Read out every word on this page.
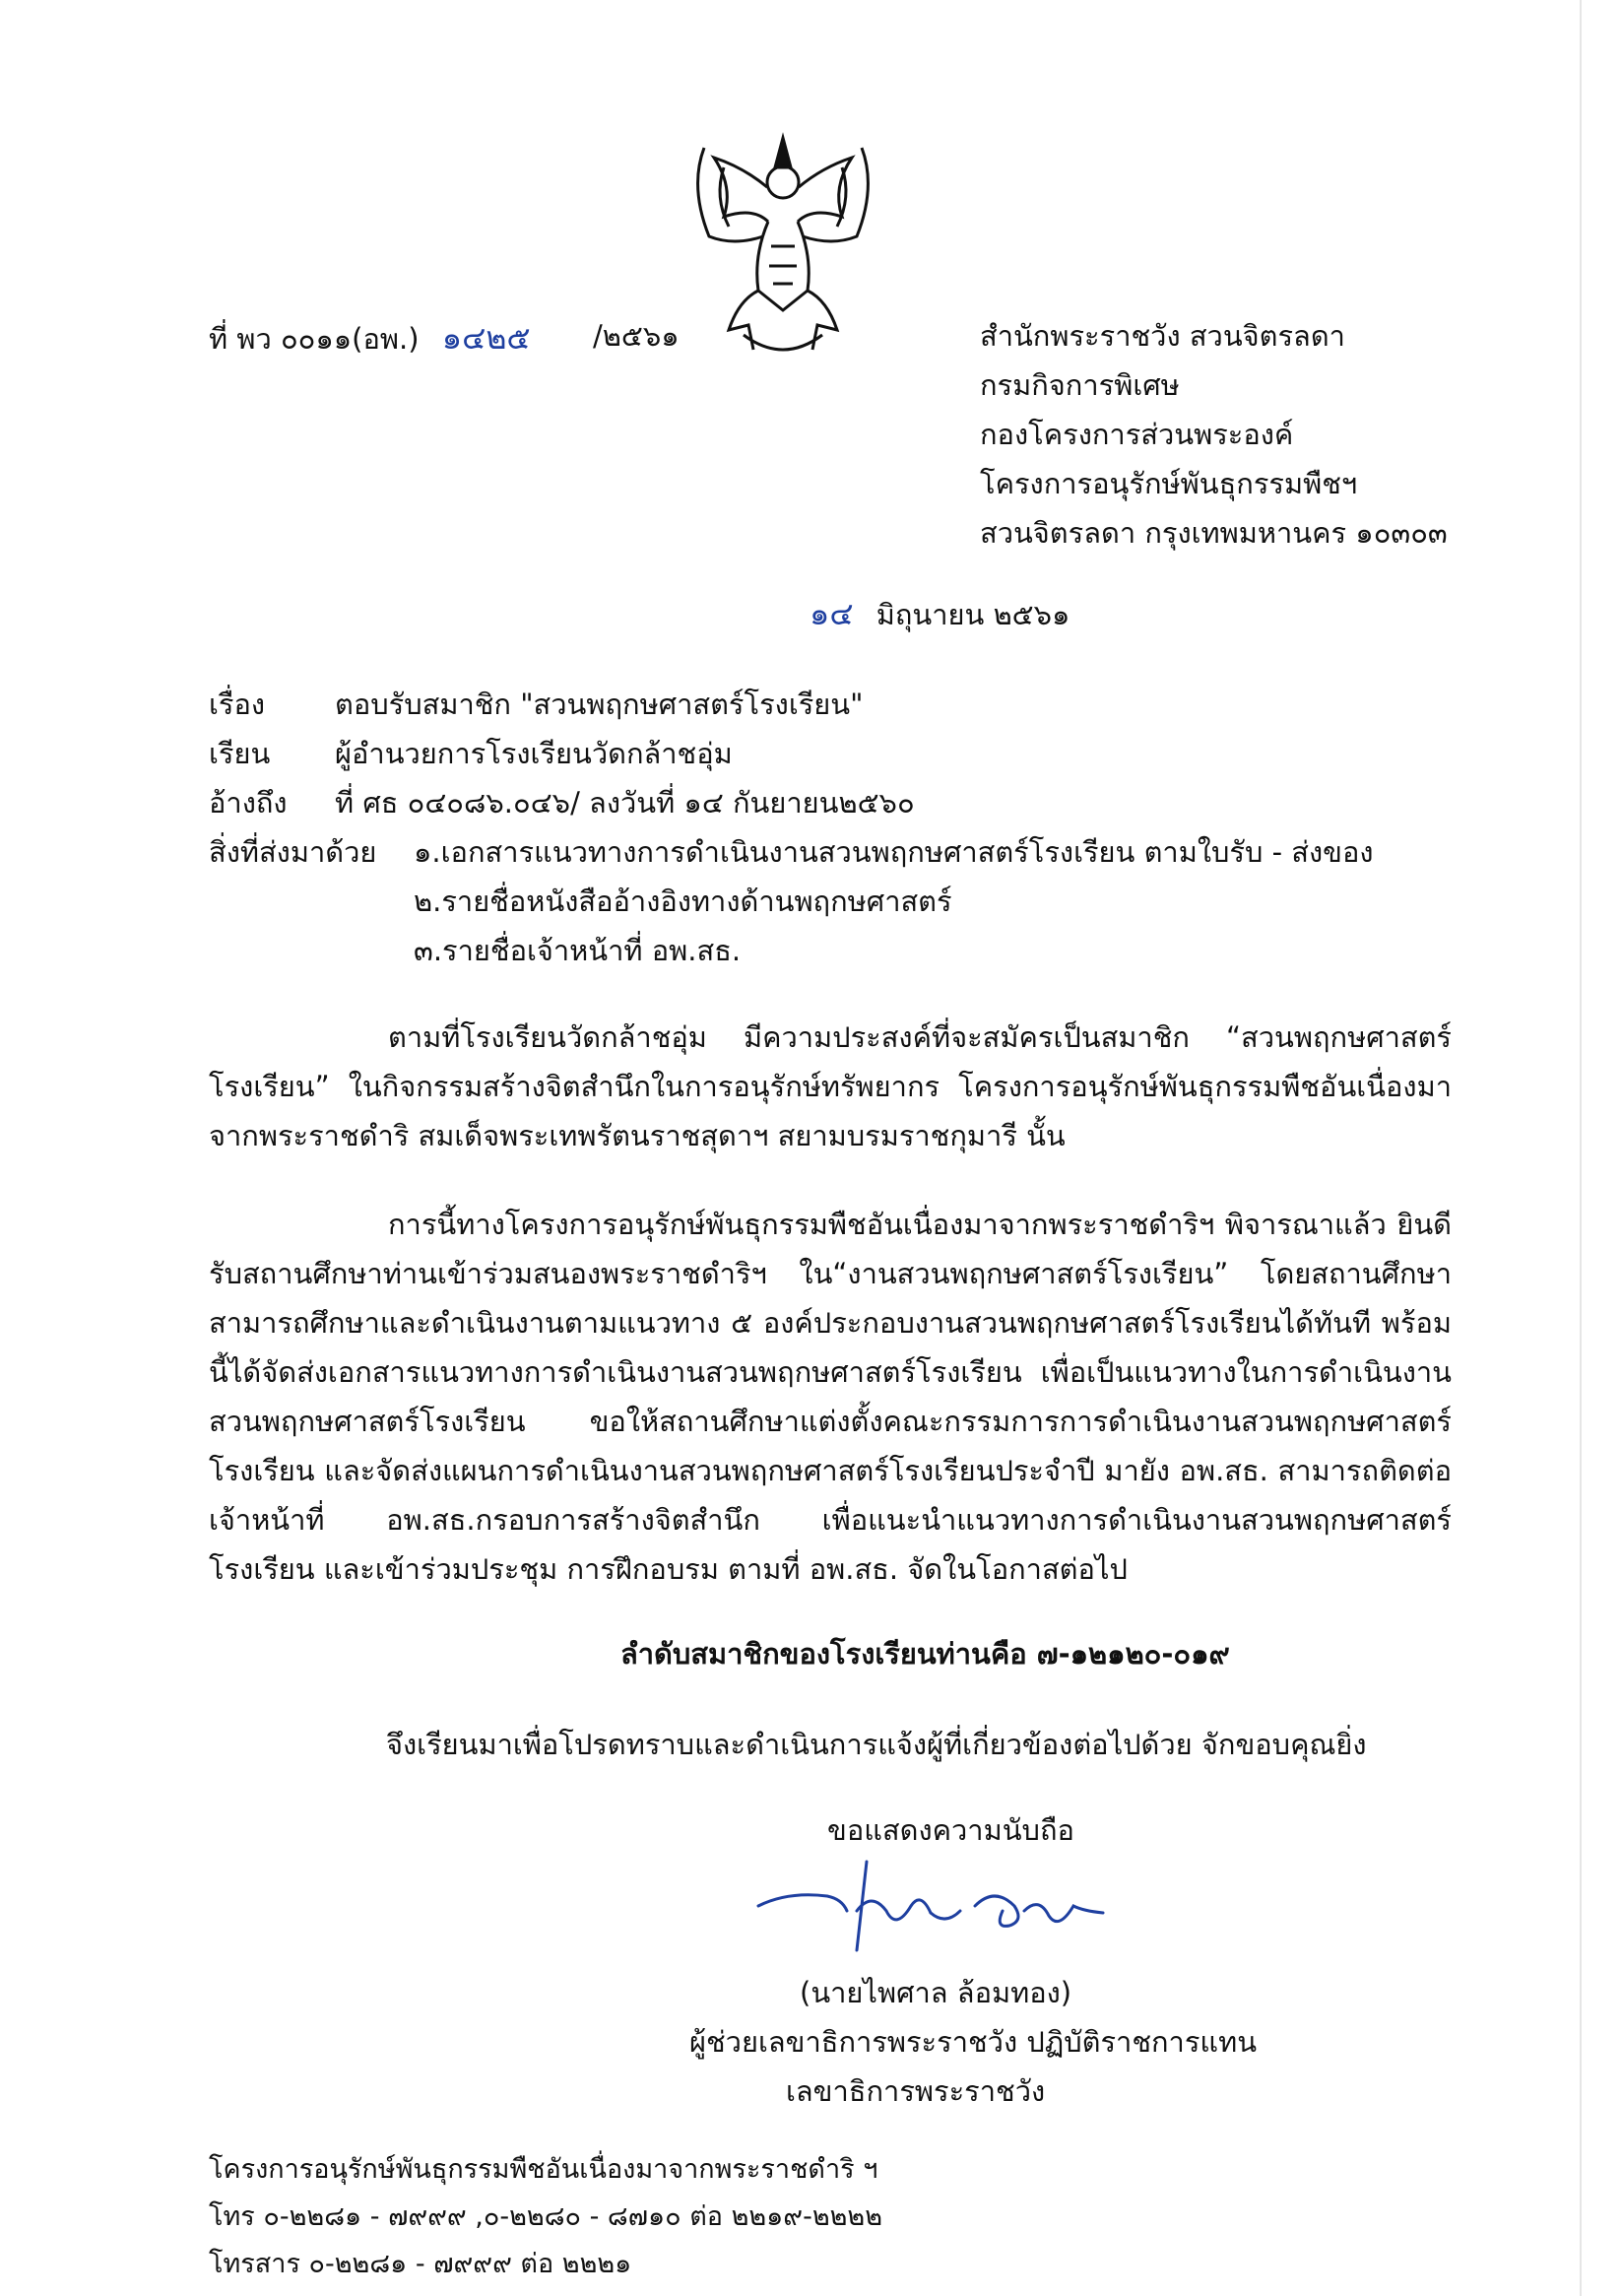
ที่ พว ๐๐๑๑(อพ.) ๑๔๒๕ /๒๕๖๑	สำนักพระราชวัง สวนจิตรลดา
กรมกิจการพิเศษ
กองโครงการส่วนพระองค์
โครงการอนุรักษ์พันธุกรรมพืชฯ
สวนจิตรลดา กรุงเทพมหานคร ๑๐๓๐๓
๑๔ มิถุนายน ๒๕๖๑
เรื่อง ตอบรับสมาชิก "สวนพฤกษศาสตร์โรงเรียน"
เรียน ผู้อำนวยการโรงเรียนวัดกล้าชอุ่ม
อ้างถึง ที่ ศธ ๐๔๐๘๖.๐๔๖/ ลงวันที่ ๑๔ กันยายน๒๕๖๐
สิ่งที่ส่งมาด้วย ๑.เอกสารแนวทางการดำเนินงานสวนพฤกษศาสตร์โรงเรียน ตามใบรับ - ส่งของ
๒.รายชื่อหนังสืออ้างอิงทางด้านพฤกษศาสตร์
๓.รายชื่อเจ้าหน้าที่ อพ.สธ.
ตามที่โรงเรียนวัดกล้าชอุ่ม มีความประสงค์ที่จะสมัครเป็นสมาชิก “สวนพฤกษศาสตร์โรงเรียน” ในกิจกรรมสร้างจิตสำนึกในการอนุรักษ์ทรัพยากร โครงการอนุรักษ์พันธุกรรมพืชอันเนื่องมาจากพระราชดำริ สมเด็จพระเทพรัตนราชสุดาฯ สยามบรมราชกุมารี นั้น
การนี้ทางโครงการอนุรักษ์พันธุกรรมพืชอันเนื่องมาจากพระราชดำริฯ พิจารณาแล้ว ยินดีรับสถานศึกษาท่านเข้าร่วมสนองพระราชดำริฯ ใน“งานสวนพฤกษศาสตร์โรงเรียน” โดยสถานศึกษาสามารถศึกษาและดำเนินงานตามแนวทาง ๕ องค์ประกอบงานสวนพฤกษศาสตร์โรงเรียนได้ทันที พร้อมนี้ได้จัดส่งเอกสารแนวทางการดำเนินงานสวนพฤกษศาสตร์โรงเรียน เพื่อเป็นแนวทางในการดำเนินงานสวนพฤกษศาสตร์โรงเรียน ขอให้สถานศึกษาแต่งตั้งคณะกรรมการการดำเนินงานสวนพฤกษศาสตร์โรงเรียน และจัดส่งแผนการดำเนินงานสวนพฤกษศาสตร์โรงเรียนประจำปี มายัง อพ.สธ. สามารถติดต่อเจ้าหน้าที่ อพ.สธ.กรอบการสร้างจิตสำนึก เพื่อแนะนำแนวทางการดำเนินงานสวนพฤกษศาสตร์โรงเรียน และเข้าร่วมประชุม การฝึกอบรม ตามที่ อพ.สธ. จัดในโอกาสต่อไป
ลำดับสมาชิกของโรงเรียนท่านคือ ๗-๑๒๑๒๐-๐๑๙
จึงเรียนมาเพื่อโปรดทราบและดำเนินการแจ้งผู้ที่เกี่ยวข้องต่อไปด้วย จักขอบคุณยิ่ง
ขอแสดงความนับถือ
(นายไพศาล ล้อมทอง)
ผู้ช่วยเลขาธิการพระราชวัง ปฏิบัติราชการแทน
เลขาธิการพระราชวัง
โครงการอนุรักษ์พันธุกรรมพืชอันเนื่องมาจากพระราชดำริ ฯ
โทร ๐-๒๒๘๑ - ๗๙๙๙ ,๐-๒๒๘๐ - ๘๗๑๐ ต่อ ๒๒๑๙-๒๒๒๒
โทรสาร ๐-๒๒๘๑ - ๗๙๙๙ ต่อ ๒๒๒๑
